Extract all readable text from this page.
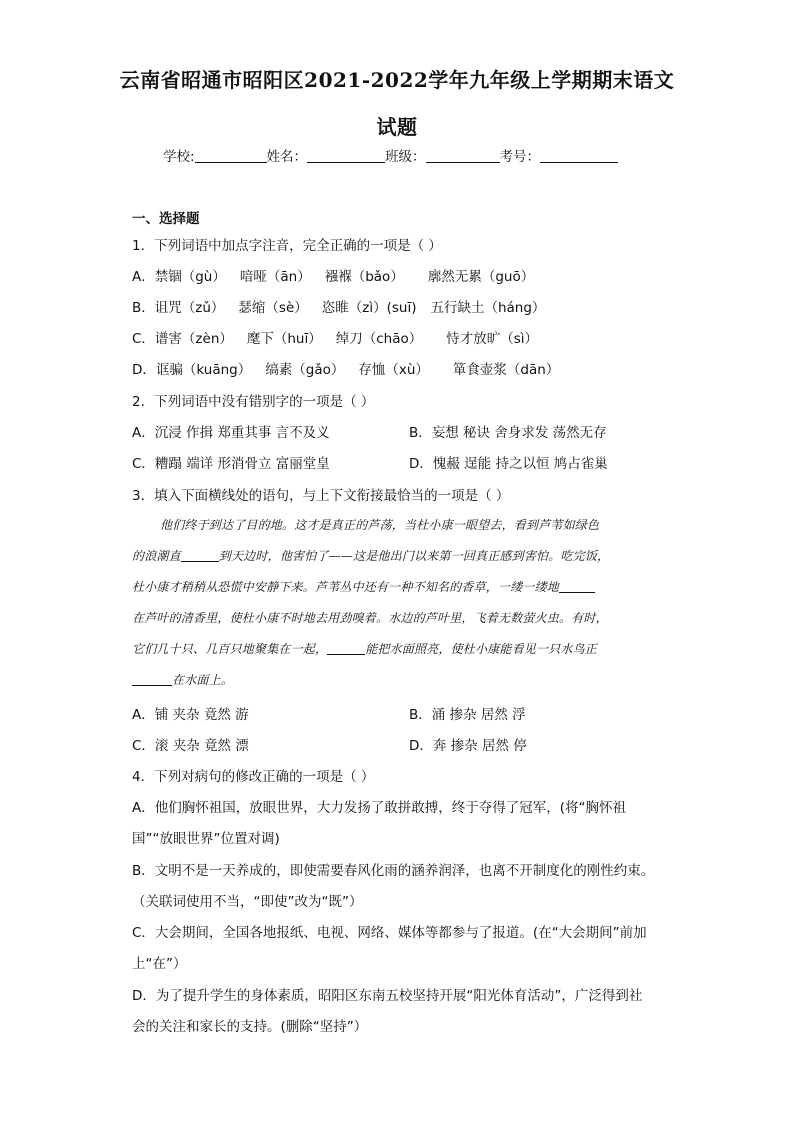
云南省昭通市昭阳区2021-2022学年九年级上学期期末语文
试题
学校:	姓名：	班级：	考号：
一、选择题
1．下列词语中加点字注音，完全正确的一项是（ ）
A．禁锢（gù） 喑哑（ān） 襁褓（bǎo） 廓然无累（guō）
B．诅咒（zǔ） 瑟缩（sè） 恣睢（zì）(suī) 五行缺土（háng）
C．谱害（zèn） 麾下（huī） 绰刀（chāo） 恃才放旷（sì）
D．诓骗（kuāng） 缟素（gǎo） 存恤（xù） 箪食壶浆（dān）
2．下列词语中没有错别字的一项是（ ）
A．沉浸 作揖 郑重其事 言不及义	B．妄想 秘诀 舍身求发 荡然无存
C．糟蹋 端详 形消骨立 富丽堂皇	D．愧赧 逞能 持之以恒 鸠占雀巢
3．填入下面横线处的语句，与上下文衔接最恰当的一项是（ ）
他们终于到达了目的地。这才是真正的芦荡，当杜小康一眼望去，看到芦苇如绿色
的浪潮直	到天边时，他害怕了——这是他出门以来第一回真正感到害怕。吃完饭，
杜小康才稍稍从恐慌中安静下来。芦苇丛中还有一种不知名的香草，一缕一缕地
在芦叶的清香里，使杜小康不时地去用劲嗅着。水边的芦叶里，飞着无数萤火虫。有时，
它们几十只、几百只地聚集在一起，	能把水面照亮，使杜小康能看见一只水鸟正
在水面上。
A．铺 夹杂 竟然 游	B．涌 掺杂 居然 浮
C．滚 夹杂 竟然 漂	D．奔 掺杂 居然 停
4．下列对病句的修改正确的一项是（ ）
A．他们胸怀祖国，放眼世界，大力发扬了敢拼敢搏，终于夺得了冠军，(将“胸怀祖
国”“放眼世界”位置对调)
B．文明不是一天养成的，即使需要春风化雨的涵养润泽，也离不开制度化的刚性约束。
（关联词使用不当，“即使”改为“既”）
C．大会期间，全国各地报纸、电视、网络、媒体等都参与了报道。(在“大会期间”前加
上“在”）
D．为了提升学生的身体素质，昭阳区东南五校坚持开展“阳光体育活动”，广泛得到社
会的关注和家长的支持。(删除“坚持”）
